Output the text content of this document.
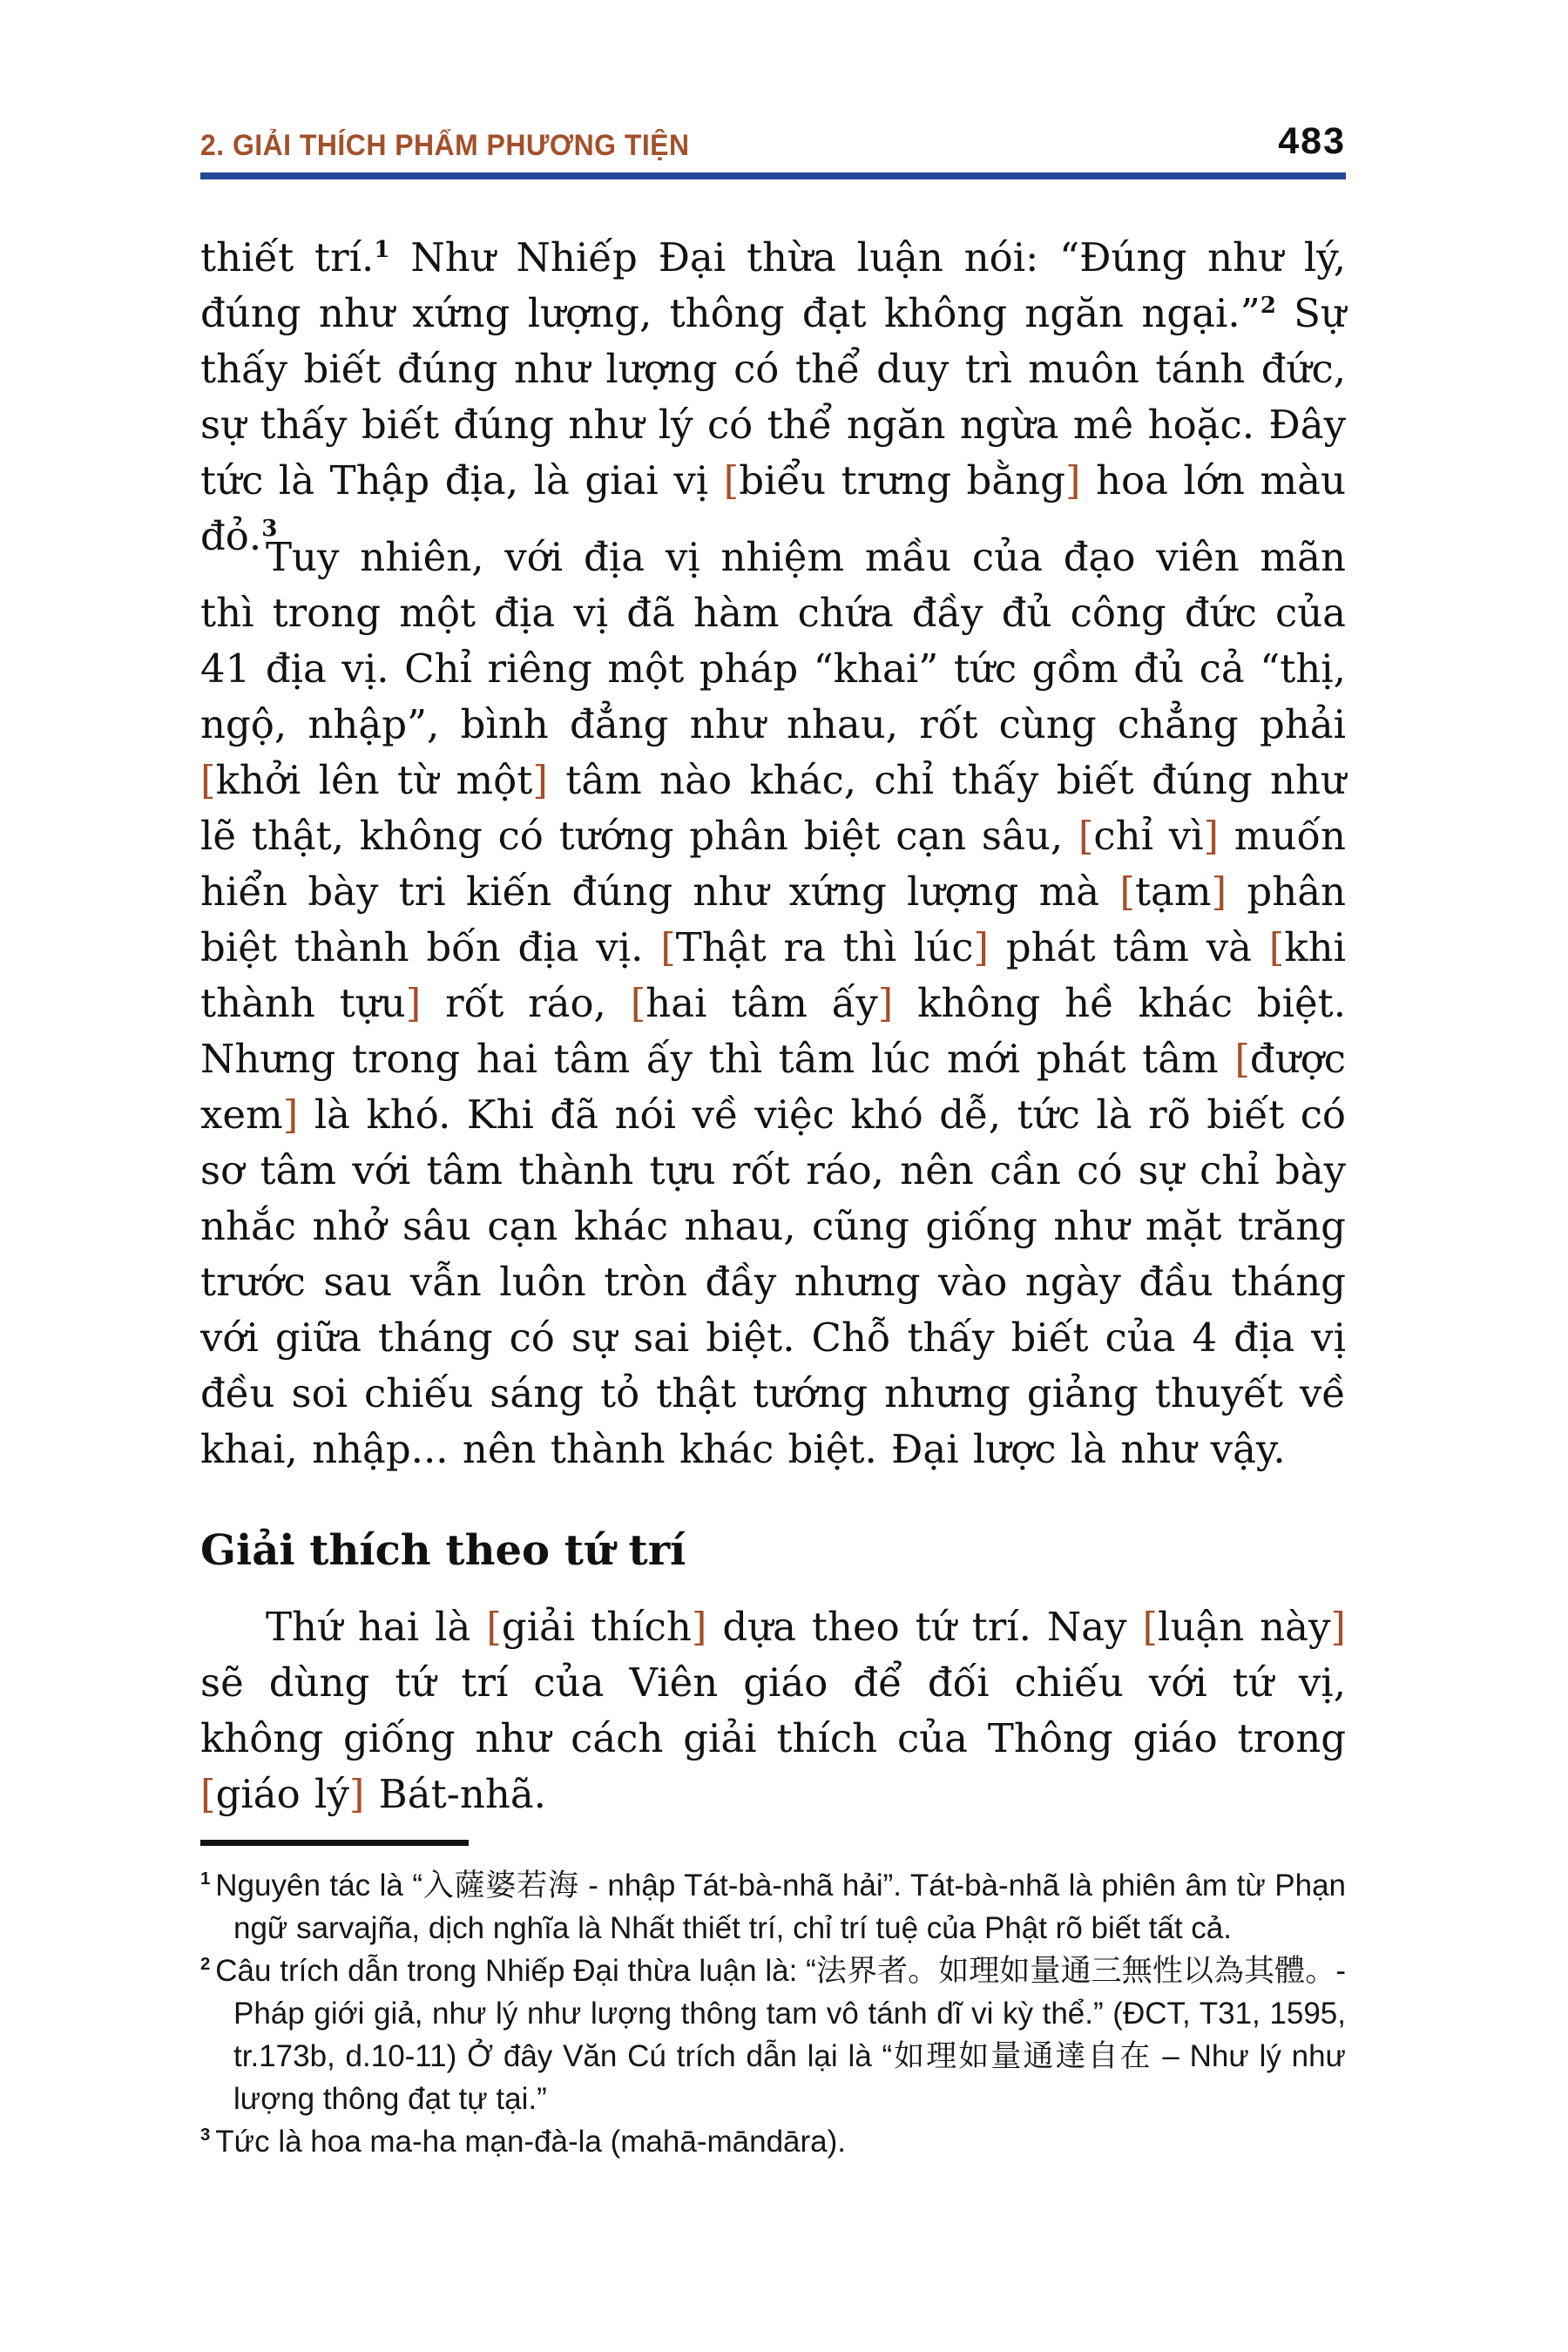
2. GIẢI THÍCH PHẨM PHƯƠNG TIỆN	483
thiết trí.$^1$ Như Nhiếp Đại thừa luận nói: “Đúng như lý, đúng như xứng lượng, thông đạt không ngăn ngại.”$^2$ Sự thấy biết đúng như lượng có thể duy trì muôn tánh đức, sự thấy biết đúng như lý có thể ngăn ngừa mê hoặc. Đây tức là Thập địa, là giai vị [biểu trưng bằng] hoa lớn màu đỏ.$^3$
Tuy nhiên, với địa vị nhiệm mầu của đạo viên mãn thì trong một địa vị đã hàm chứa đầy đủ công đức của 41 địa vị. Chỉ riêng một pháp “khai” tức gồm đủ cả “thị, ngộ, nhập”, bình đẳng như nhau, rốt cùng chẳng phải [khởi lên từ một] tâm nào khác, chỉ thấy biết đúng như lẽ thật, không có tướng phân biệt cạn sâu, [chỉ vì] muốn hiển bày tri kiến đúng như xứng lượng mà [tạm] phân biệt thành bốn địa vị. [Thật ra thì lúc] phát tâm và [khi thành tựu] rốt ráo, [hai tâm ấy] không hề khác biệt. Nhưng trong hai tâm ấy thì tâm lúc mới phát tâm [được xem] là khó. Khi đã nói về việc khó dễ, tức là rõ biết có sơ tâm với tâm thành tựu rốt ráo, nên cần có sự chỉ bày nhắc nhở sâu cạn khác nhau, cũng giống như mặt trăng trước sau vẫn luôn tròn đầy nhưng vào ngày đầu tháng với giữa tháng có sự sai biệt. Chỗ thấy biết của 4 địa vị đều soi chiếu sáng tỏ thật tướng nhưng giảng thuyết về khai, nhập... nên thành khác biệt. Đại lược là như vậy.
Giải thích theo tứ trí
Thứ hai là [giải thích] dựa theo tứ trí. Nay [luận này] sẽ dùng tứ trí của Viên giáo để đối chiếu với tứ vị, không giống như cách giải thích của Thông giáo trong [giáo lý] Bát-nhã.
$^1$ Nguyên tác là “入薩婆若海 - nhập Tát-bà-nhã hải”. Tát-bà-nhã là phiên âm từ Phạn ngữ sarvajña, dịch nghĩa là Nhất thiết trí, chỉ trí tuệ của Phật rõ biết tất cả.
$^2$ Câu trích dẫn trong Nhiếp Đại thừa luận là: “法界者。如理如量通三無性以為其體。- Pháp giới giả, như lý như lượng thông tam vô tánh dĩ vi kỳ thể.” (ĐCT, T31, 1595, tr.173b, d.10-11) Ở đây Văn Cú trích dẫn lại là “如理如量通達自在 – Như lý như lượng thông đạt tự tại.”
$^3$ Tức là hoa ma-ha mạn-đà-la (mahā-māndāra).
